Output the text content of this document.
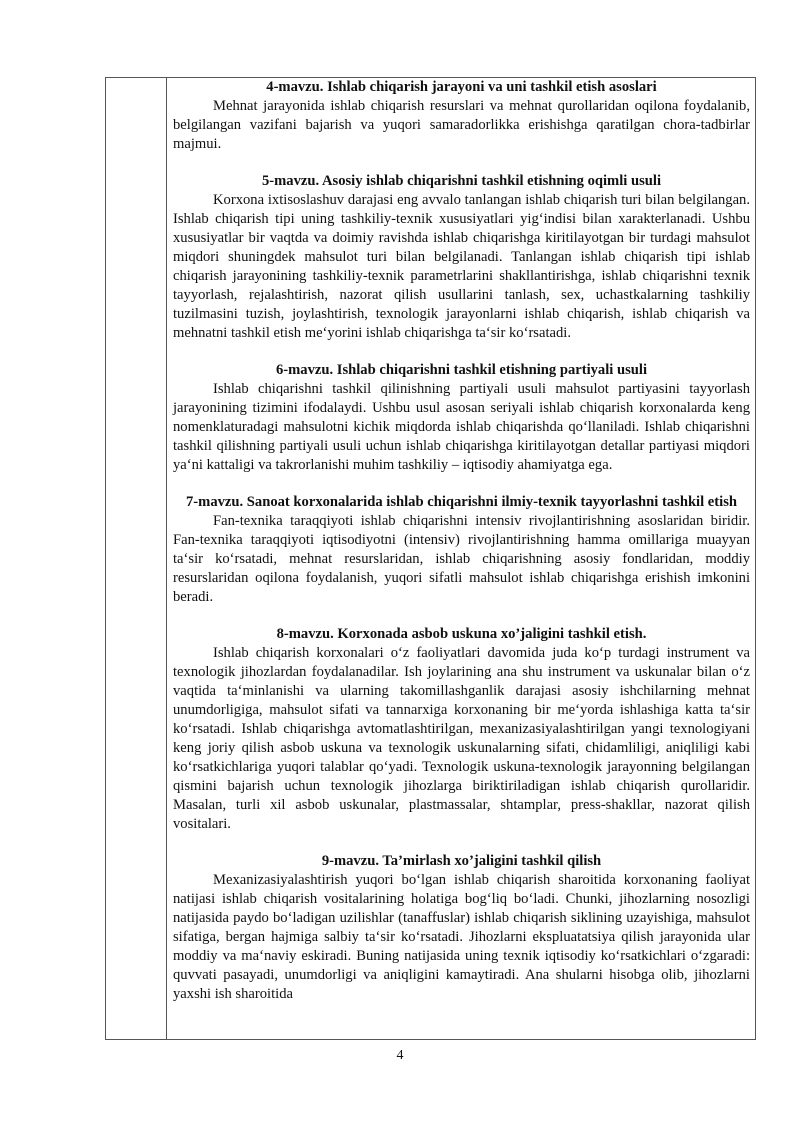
4-mavzu. Ishlab chiqarish jarayoni va uni tashkil etish asoslari

Mehnat jarayonida ishlab chiqarish resurslari va mehnat qurollaridan oqilona foydalanib, belgilangan vazifani bajarish va yuqori samaradorlikka erishishga qaratilgan chora-tadbirlar majmui.

5-mavzu. Asosiy ishlab chiqarishni tashkil etishning oqimli usuli

Korxona ixtisoslashuv darajasi eng avvalo tanlangan ishlab chiqarish turi bilan belgilangan. Ishlab chiqarish tipi uning tashkiliy-texnik xususiyatlari yig‘indisi bilan xarakterlanadi. Ushbu xususiyatlar bir vaqtda va doimiy ravishda ishlab chiqarishga kiritilayotgan bir turdagi mahsulot miqdori shuningdek mahsulot turi bilan belgilanadi. Tanlangan ishlab chiqarish tipi ishlab chiqarish jarayonining tashkiliy-texnik parametrlarini shakllantirishga, ishlab chiqarishni texnik tayyorlash, rejalashtirish, nazorat qilish usullarini tanlash, sex, uchastkalarning tashkiliy tuzilmasini tuzish, joylashtirish, texnologik jarayonlarni ishlab chiqarish, ishlab chiqarish va mehnatni tashkil etish me‘yorini ishlab chiqarishga ta‘sir ko‘rsatadi.

6-mavzu. Ishlab chiqarishni tashkil etishning partiyali usuli

Ishlab chiqarishni tashkil qilinishning partiyali usuli mahsulot partiyasini tayyorlash jarayonining tizimini ifodalaydi. Ushbu usul asosan seriyali ishlab chiqarish korxonalarda keng nomenklaturadagi mahsulotni kichik miqdorda ishlab chiqarishda qo‘llaniladi. Ishlab chiqarishni tashkil qilishning partiyali usuli uchun ishlab chiqarishga kiritilayotgan detallar partiyasi miqdori ya‘ni kattaligi va takrorlanishi muhim tashkiliy – iqtisodiy ahamiyatga ega.

7-mavzu. Sanoat korxonalarida ishlab chiqarishni ilmiy-texnik tayyorlashni tashkil etish

Fan-texnika taraqqiyoti ishlab chiqarishni intensiv rivojlantirishning asoslaridan biridir. Fan-texnika taraqqiyoti iqtisodiyotni (intensiv) rivojlantirishning hamma omillariga muayyan ta‘sir ko‘rsatadi, mehnat resurslaridan, ishlab chiqarishning asosiy fondlaridan, moddiy resurslaridan oqilona foydalanish, yuqori sifatli mahsulot ishlab chiqarishga erishish imkonini beradi.

8-mavzu. Korxonada asbob uskuna xo’jaligini tashkil etish.

Ishlab chiqarish korxonalari o‘z faoliyatlari davomida juda ko‘p turdagi instrument va texnologik jihozlardan foydalanadilar. Ish joylarining ana shu instrument va uskunalar bilan o‘z vaqtida ta‘minlanishi va ularning takomillashganlik darajasi asosiy ishchilarning mehnat unumdorligiga, mahsulot sifati va tannarxiga korxonaning bir me‘yorda ishlashiga katta ta‘sir ko‘rsatadi. Ishlab chiqarishga avtomatlashtirilgan, mexanizasiyalashtirilgan yangi texnologiyani keng joriy qilish asbob uskuna va texnologik uskunalarning sifati, chidamliligi, aniqliligi kabi ko‘rsatkichlariga yuqori talablar qo‘yadi. Texnologik uskuna-texnologik jarayonning belgilangan qismini bajarish uchun texnologik jihozlarga biriktiriladigan ishlab chiqarish qurollaridir. Masalan, turli xil asbob uskunalar, plastmassalar, shtamplar, press-shakllar, nazorat qilish vositalari.

9-mavzu. Ta’mirlash xo’jaligini tashkil qilish

Mexanizasiyalashtirish yuqori bo‘lgan ishlab chiqarish sharoitida korxonaning faoliyat natijasi ishlab chiqarish vositalarining holatiga bog‘liq bo‘ladi. Chunki, jihozlarning nosozligi natijasida paydo bo‘ladigan uzilishlar (tanaffuslar) ishlab chiqarish siklining uzayishiga, mahsulot sifatiga, bergan hajmiga salbiy ta‘sir ko‘rsatadi. Jihozlarni ekspluatatsiya qilish jarayonida ular moddiy va ma‘naviy eskiradi. Buning natijasida uning texnik iqtisodiy ko‘rsatkichlari o‘zgaradi: quvvati pasayadi, unumdorligi va aniqligini kamaytiradi. Ana shularni hisobga olib, jihozlarni yaxshi ish sharoitida

4
